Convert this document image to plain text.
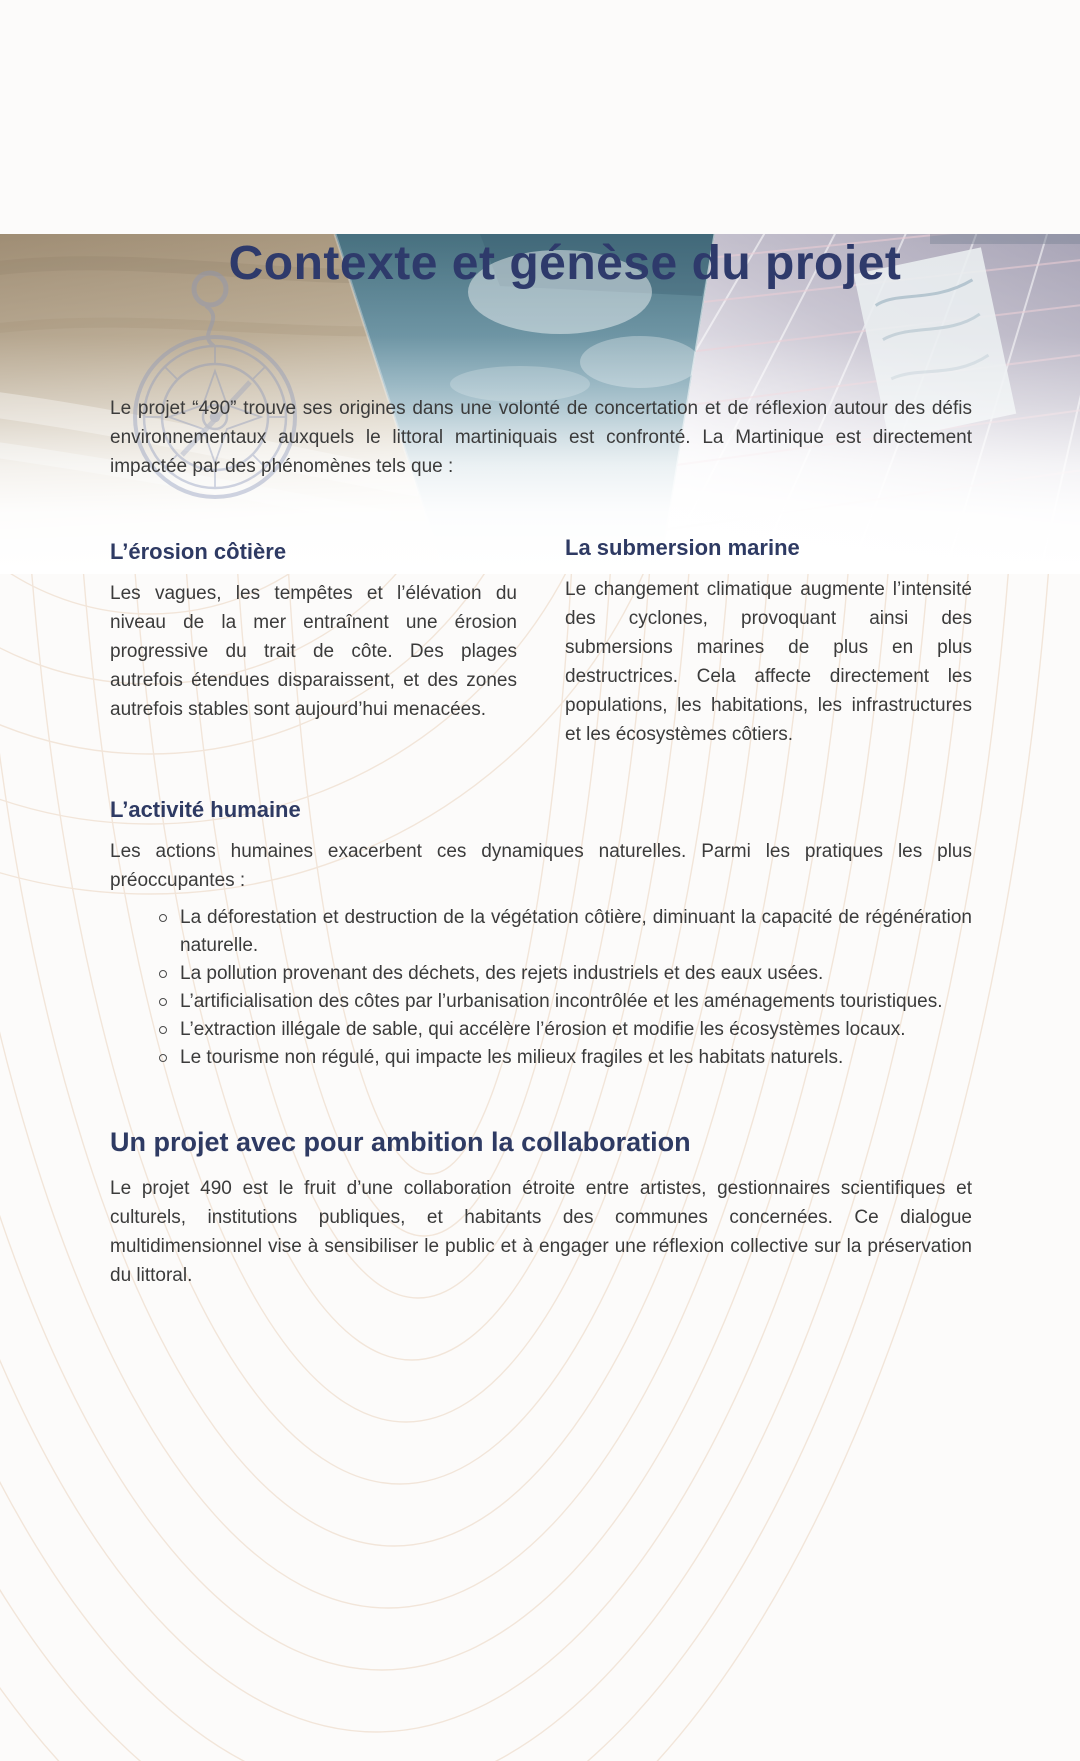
Contexte et génèse du projet

Le projet “490” trouve ses origines dans une volonté de concertation et de réflexion autour des défis environnementaux auxquels le littoral martiniquais est confronté. La Martinique est directement impactée par des phénomènes tels que :

L’érosion côtière

Les vagues, les tempêtes et l’élévation du niveau de la mer entraînent une érosion progressive du trait de côte. Des plages autrefois étendues disparaissent, et des zones autrefois stables sont aujourd’hui menacées.

La submersion marine

Le changement climatique augmente l’intensité des cyclones, provoquant ainsi des submersions marines de plus en plus destructrices. Cela affecte directement les populations, les habitations, les infrastructures et les écosystèmes côtiers.

L’activité humaine

Les actions humaines exacerbent ces dynamiques naturelles. Parmi les pratiques les plus préoccupantes :

La déforestation et destruction de la végétation côtière, diminuant la capacité de régénération naturelle.
La pollution provenant des déchets, des rejets industriels et des eaux usées.
L’artificialisation des côtes par l’urbanisation incontrôlée et les aménagements touristiques.
L’extraction illégale de sable, qui accélère l’érosion et modifie les écosystèmes locaux.
Le tourisme non régulé, qui impacte les milieux fragiles et les habitats naturels.
Un projet avec pour ambition la collaboration

Le projet 490 est le fruit d’une collaboration étroite entre artistes, gestionnaires scientifiques et culturels, institutions publiques, et habitants des communes concernées. Ce dialogue multidimensionnel vise à sensibiliser le public et à engager une réflexion collective sur la préservation du littoral.
